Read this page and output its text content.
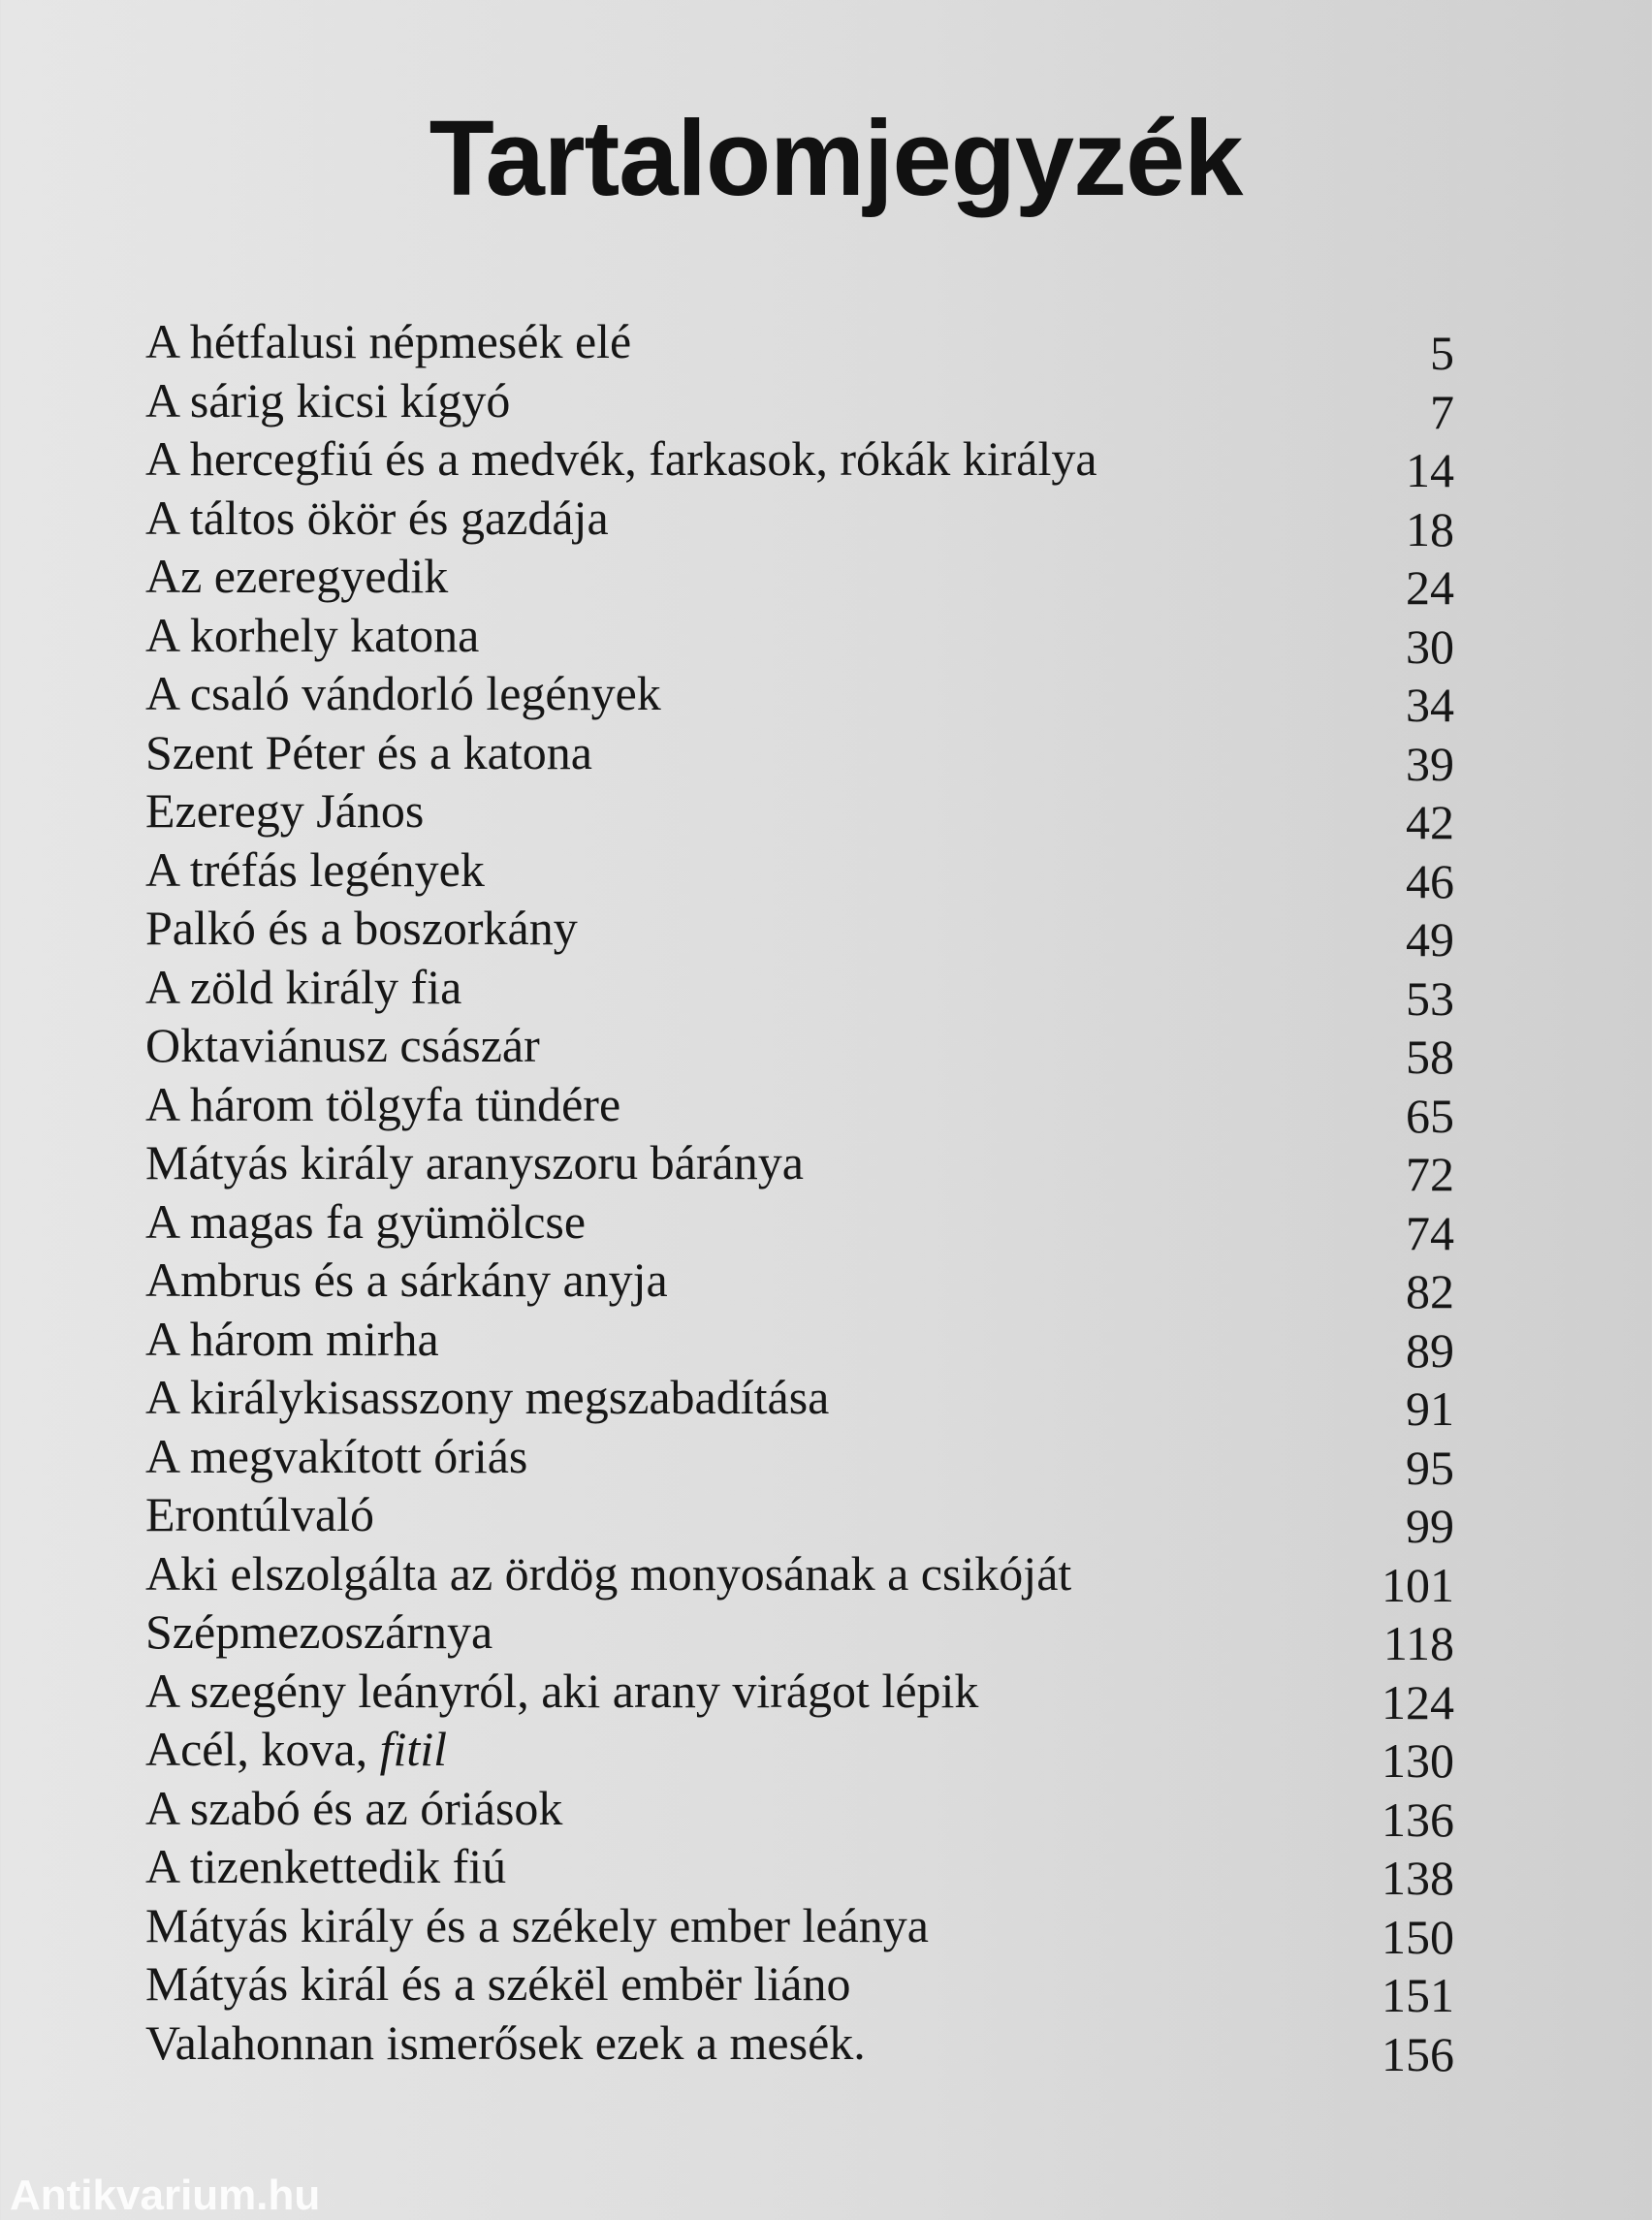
Tartalomjegyzék
A hétfalusi népmesék elé	5
A sárig kicsi kígyó	7
A hercegfiú és a medvék, farkasok, rókák királya	14
A táltos ökör és gazdája	18
Az ezeregyedik	24
A korhely katona	30
A csaló vándorló legények	34
Szent Péter és a katona	39
Ezeregy János	42
A tréfás legények	46
Palkó és a boszorkány	49
A zöld király fia	53
Oktaviánusz császár	58
A három tölgyfa tündére	65
Mátyás király aranyszoru báránya	72
A magas fa gyümölcse	74
Ambrus és a sárkány anyja	82
A három mirha	89
A királykisasszony megszabadítása	91
A megvakított óriás	95
Erontúlvaló	99
Aki elszolgálta az ördög monyosának a csikóját	101
Szépmezoszárnya	118
A szegény leányról, aki arany virágot lépik	124
Acél, kova, fitil	130
A szabó és az óriások	136
A tizenkettedik fiú	138
Mátyás király és a székely ember leánya	150
Mátyás királ és a székël embër liáno	151
Valahonnan ismerősek ezek a mesék.	156
Antikvarium.hu
